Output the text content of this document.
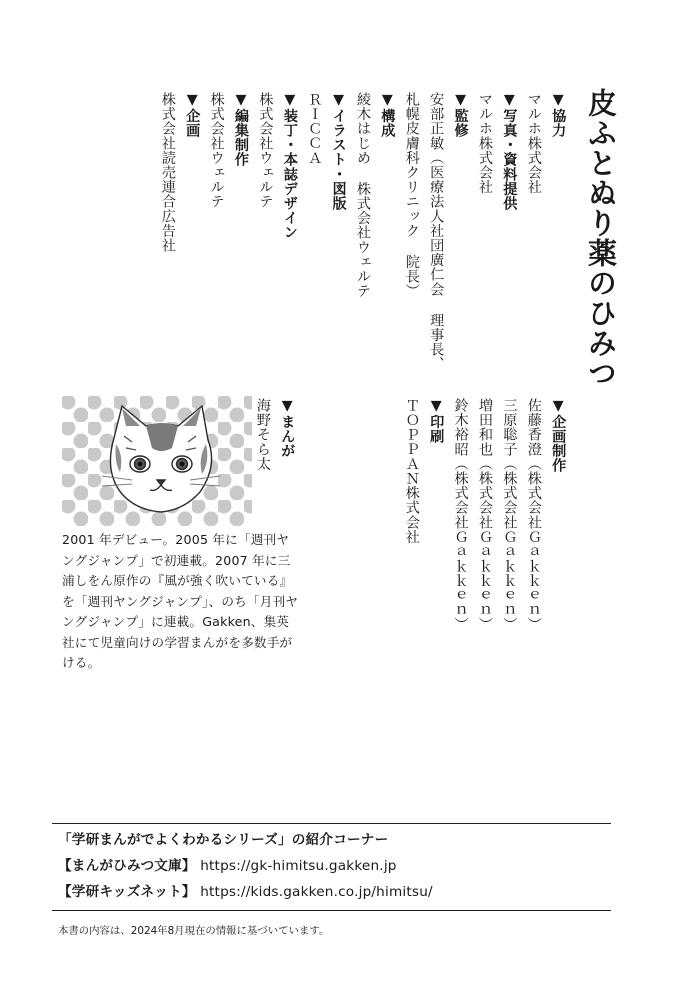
皮ふとぬり薬のひみつ
▼協力
マルホ株式会社
▼写真・資料提供
マルホ株式会社
▼監修
安部正敏（医療法人社団廣仁会 理事長、
札幌皮膚科クリニック 院長）
▼構成
綾木はじめ 株式会社ウェルテ
▼イラスト・図版
ＲＩＣＣＡ
▼装丁・本誌デザイン
株式会社ウェルテ
▼編集制作
株式会社ウェルテ
▼企画
株式会社読売連合広告社
▼企画制作
佐藤香澄（株式会社Ｇａｋｋｅｎ）
三原聡子（株式会社Ｇａｋｋｅｎ）
増田和也（株式会社Ｇａｋｋｅｎ）
鈴木裕昭（株式会社Ｇａｋｋｅｎ）
▼印刷
ＴＯＰＰＡＮ株式会社
▼まんが
海野そら太

2001 年デビュー。2005 年に「週刊ヤ

ングジャンプ」で初連載。2007 年に三

浦しをん原作の『風が強く吹いている』

を「週刊ヤングジャンプ」、のち「月刊ヤ

ングジャンプ」に連載。Gakken、集英

社にて児童向けの学習まんがを多数手が

ける。

「学研まんがでよくわかるシリーズ」の紹介コーナー

【まんがひみつ文庫】 https://gk-himitsu.gakken.jp

【学研キッズネット】 https://kids.gakken.co.jp/himitsu/

本書の内容は、2024年8月現在の情報に基づいています。
